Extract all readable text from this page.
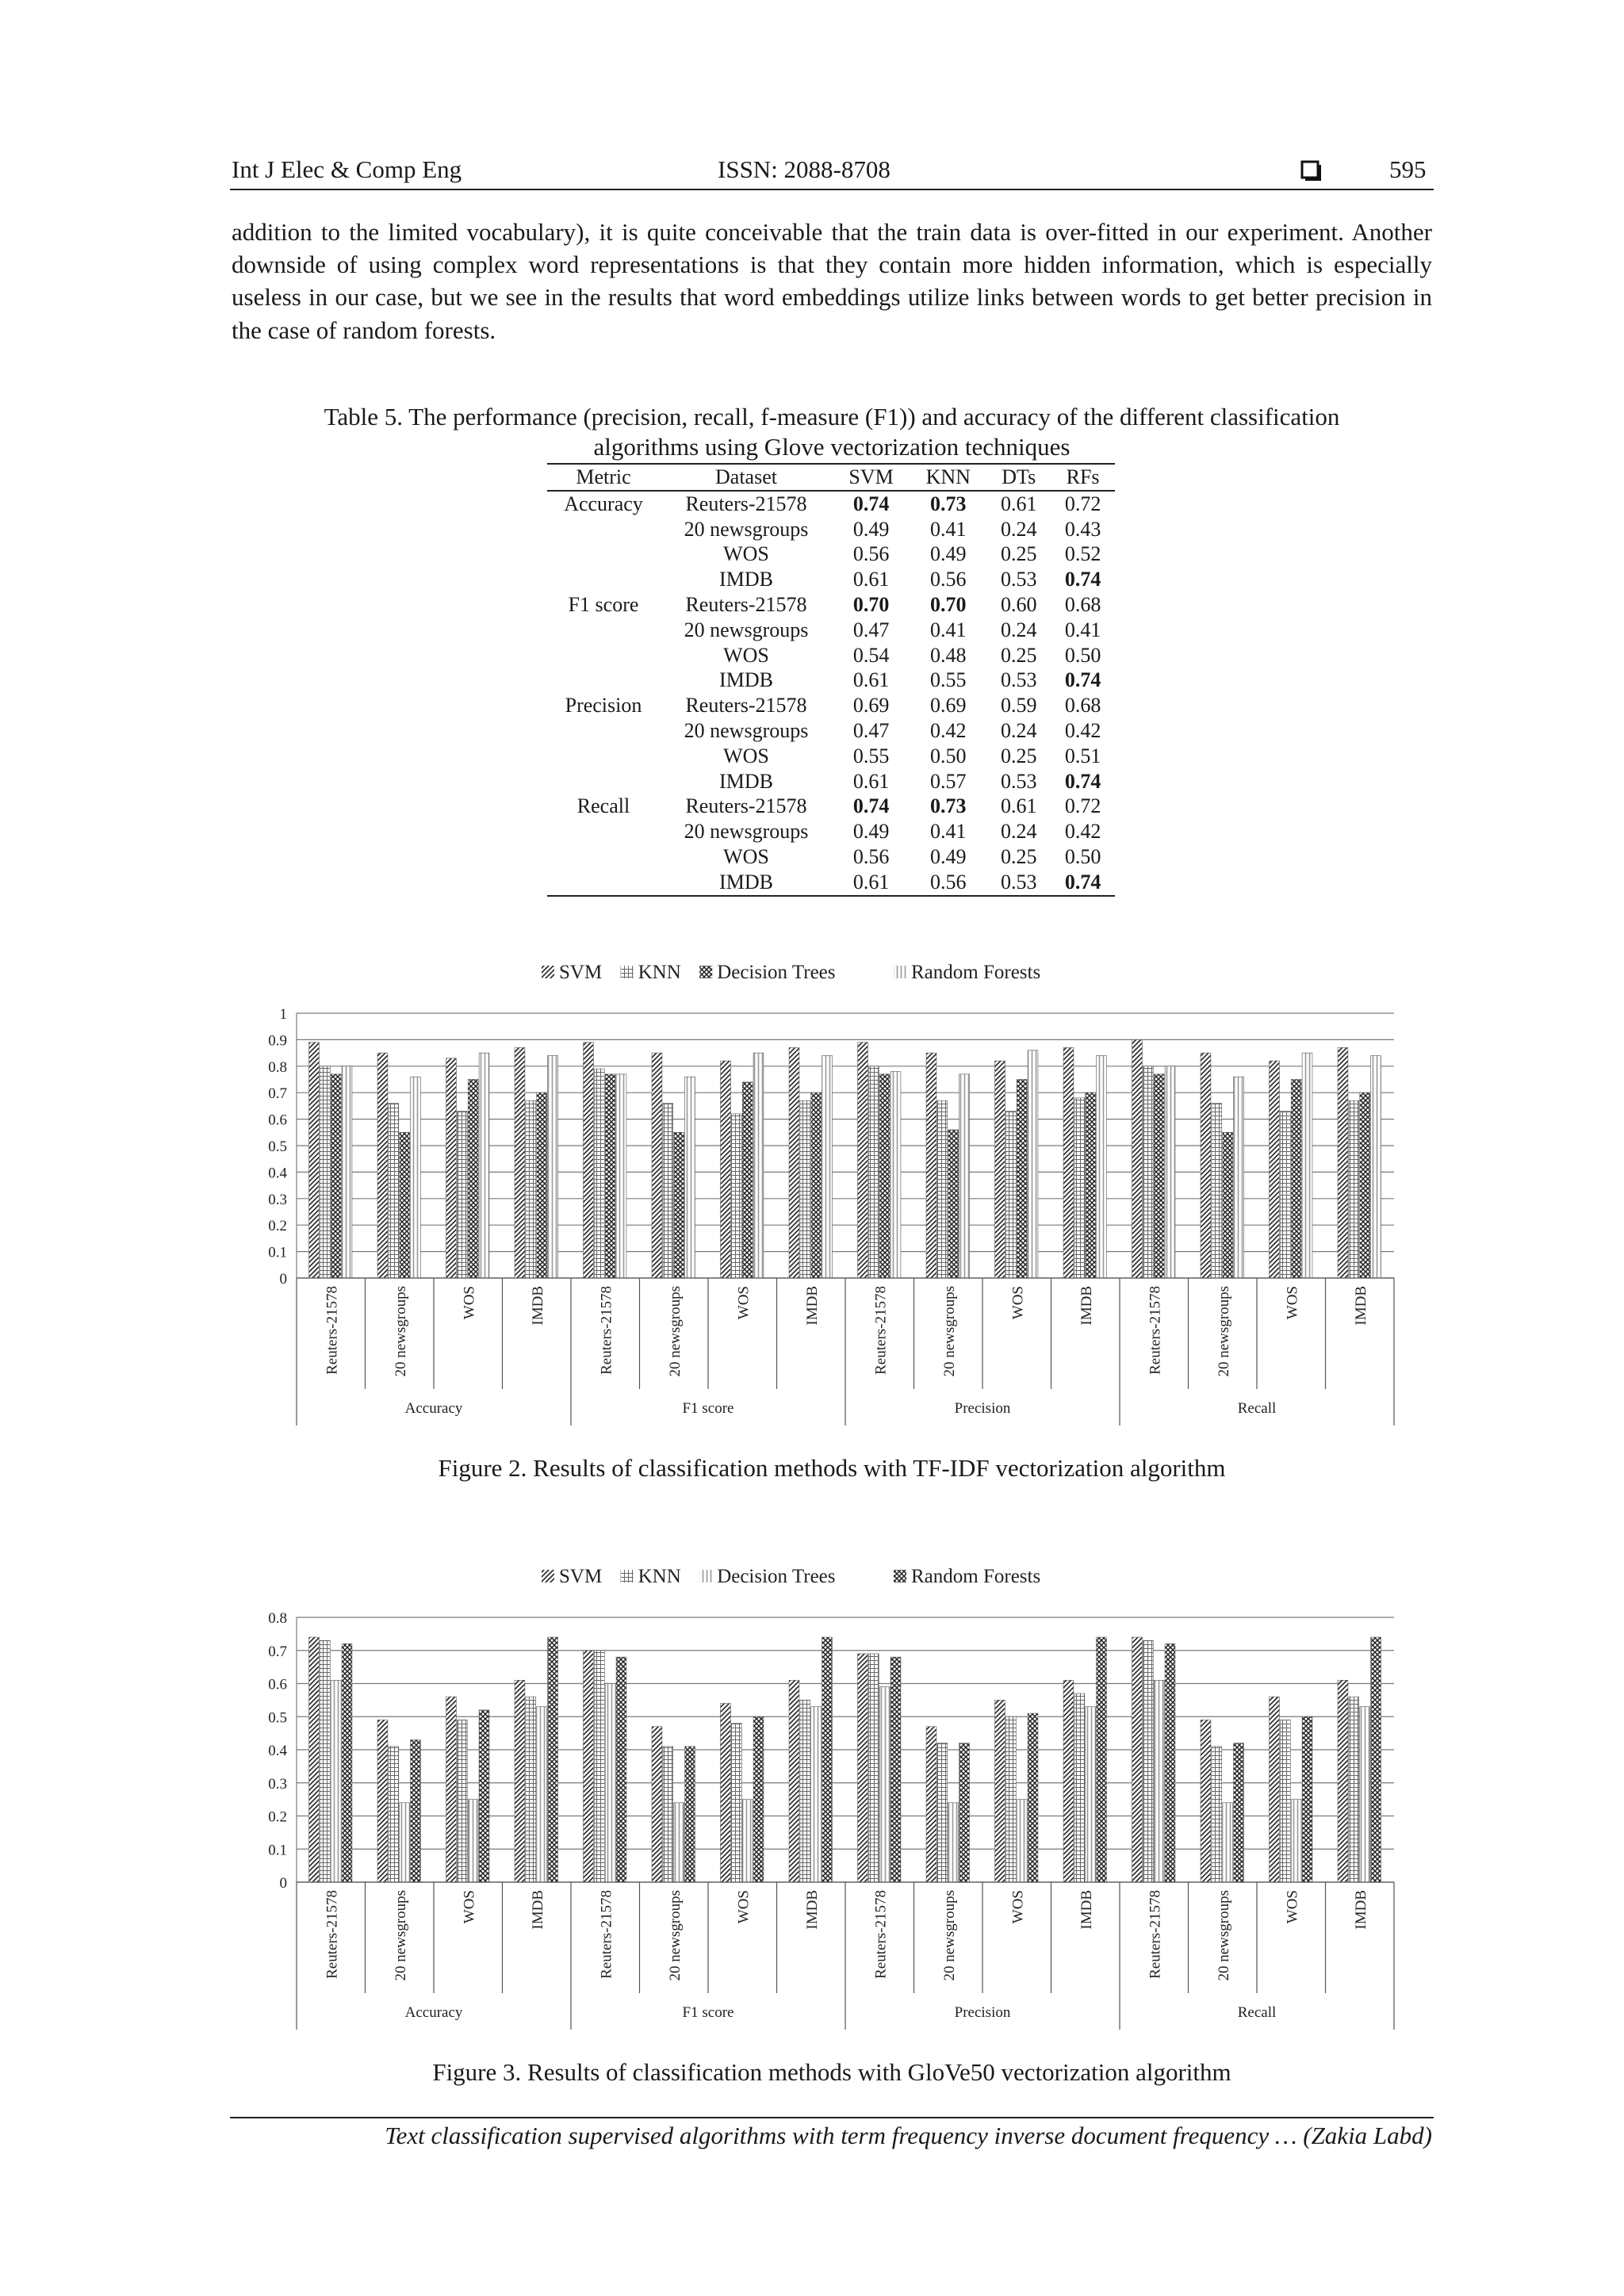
Int J Elec & Comp Eng	ISSN: 2088-8708	595

addition to the limited vocabulary), it is quite conceivable that the train data is over-fitted in our experiment. Another downside of using complex word representations is that they contain more hidden information, which is especially useless in our case, but we see in the results that word embeddings utilize links between words to get better precision in the case of random forests.

Table 5. The performance (precision, recall, f-measure (F1)) and accuracy of the different classification
algorithms using Glove vectorization techniques
Metric	Dataset	SVM	KNN	DTs	RFs
Accuracy	Reuters-21578	0.74	0.73	0.61	0.72
	20 newsgroups	0.49	0.41	0.24	0.43
	WOS	0.56	0.49	0.25	0.52
	IMDB	0.61	0.56	0.53	0.74
F1 score	Reuters-21578	0.70	0.70	0.60	0.68
	20 newsgroups	0.47	0.41	0.24	0.41
	WOS	0.54	0.48	0.25	0.50
	IMDB	0.61	0.55	0.53	0.74
Precision	Reuters-21578	0.69	0.69	0.59	0.68
	20 newsgroups	0.47	0.42	0.24	0.42
	WOS	0.55	0.50	0.25	0.51
	IMDB	0.61	0.57	0.53	0.74
Recall	Reuters-21578	0.74	0.73	0.61	0.72
	20 newsgroups	0.49	0.41	0.24	0.42
	WOS	0.56	0.49	0.25	0.50
	IMDB	0.61	0.56	0.53	0.74
SVM KNN Decision Trees	Random Forests
0
0.1
0.2
0.3
0.4
0.5
0.6
0.7
0.8
0.9
1
Reuters-21578	20 newsgroups	WOS	IMDB	Reuters-21578	20 newsgroups	WOS	IMDB	Reuters-21578	20 newsgroups	WOS	IMDB	Reuters-21578	20 newsgroups	WOS	IMDB
Accuracy	F1 score	Precision	Recall
Figure 2. Results of classification methods with TF-IDF vectorization algorithm
SVM KNN Decision Trees	Random Forests
0
0.1
0.2
0.3
0.4
0.5
0.6
0.7
0.8
Reuters-21578	20 newsgroups	WOS	IMDB	Reuters-21578	20 newsgroups	WOS	IMDB	Reuters-21578	20 newsgroups	WOS	IMDB	Reuters-21578	20 newsgroups	WOS	IMDB
Accuracy	F1 score	Precision	Recall
Figure 3. Results of classification methods with GloVe50 vectorization algorithm
Text classification supervised algorithms with term frequency inverse document frequency … (Zakia Labd)
